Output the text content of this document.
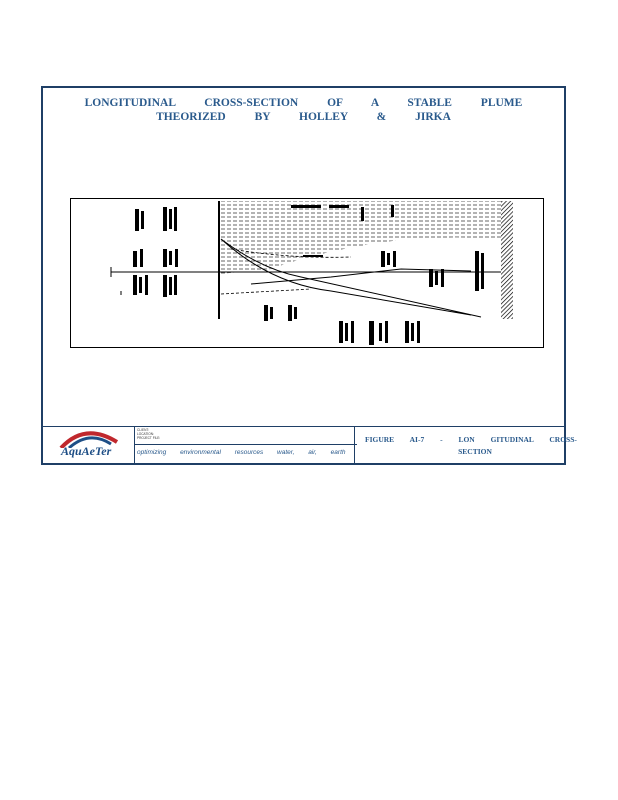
LONGITUDINAL CROSS-SECTION OF A STABLE PLUME
THEORIZED BY HOLLEY & JIRKA
AquAeTer
CLIENT:
LOCATION:
PROJECT FILE:
optimizing environmental resources water, air, earth
FIGURE AI-7 - LON GITUDINAL CROSS-
SECTION
